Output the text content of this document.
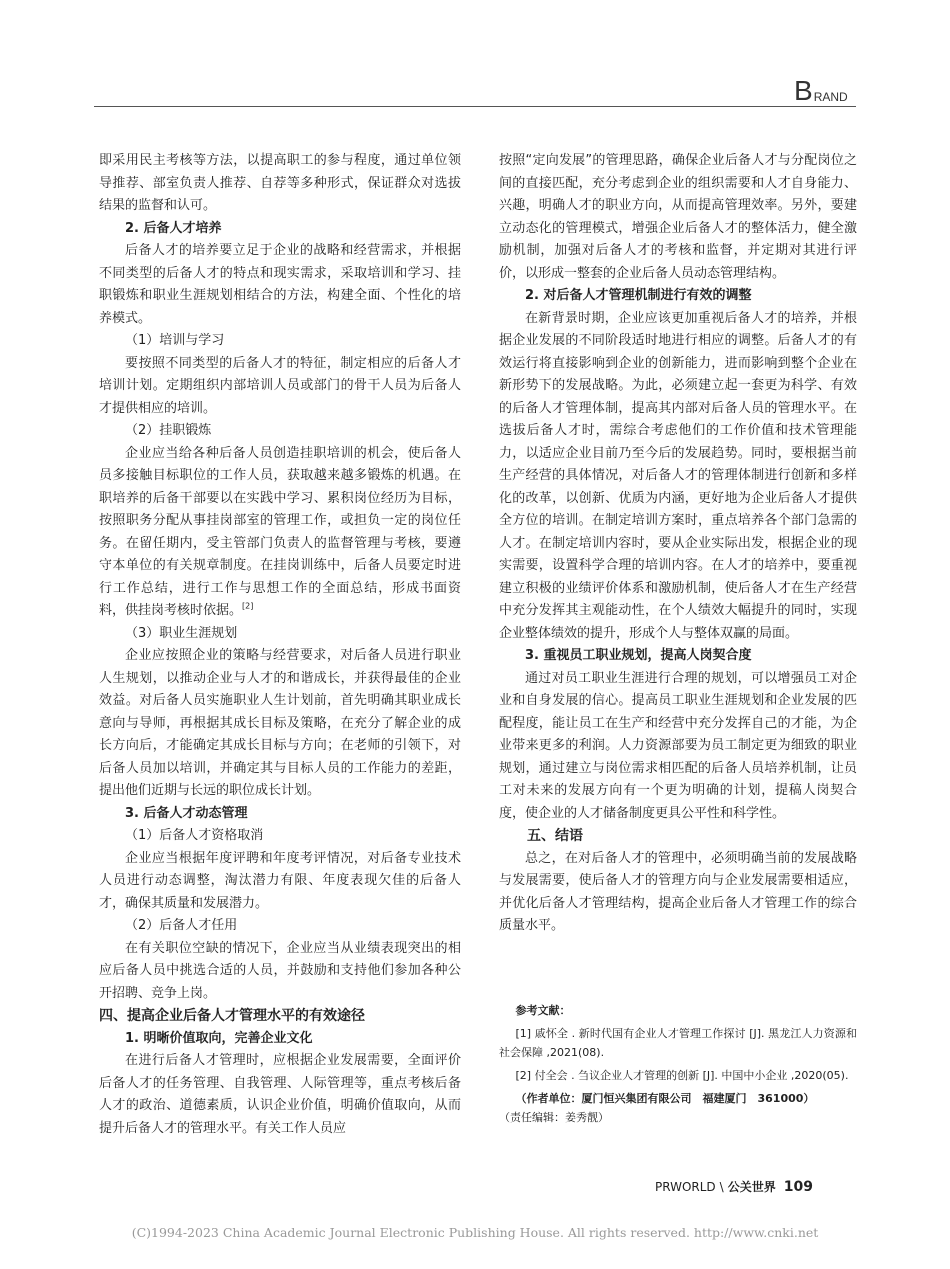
B RAND

即采用民主考核等方法，以提高职工的参与程度，通过单位领导推荐、部室负责人推荐、自荐等多种形式，保证群众对选拔结果的监督和认可。

2. 后备人才培养

后备人才的培养要立足于企业的战略和经营需求，并根据不同类型的后备人才的特点和现实需求，采取培训和学习、挂职锻炼和职业生涯规划相结合的方法，构建全面、个性化的培养模式。

（1）培训与学习

要按照不同类型的后备人才的特征，制定相应的后备人才培训计划。定期组织内部培训人员或部门的骨干人员为后备人才提供相应的培训。

（2）挂职锻炼

企业应当给各种后备人员创造挂职培训的机会，使后备人员多接触目标职位的工作人员，获取越来越多锻炼的机遇。在职培养的后备干部要以在实践中学习、累积岗位经历为目标，按照职务分配从事挂岗部室的管理工作，或担负一定的岗位任务。在留任期内，受主管部门负责人的监督管理与考核，要遵守本单位的有关规章制度。在挂岗训练中，后备人员要定时进行工作总结，进行工作与思想工作的全面总结，形成书面资料，供挂岗考核时依据。[2]

（3）职业生涯规划

企业应按照企业的策略与经营要求，对后备人员进行职业人生规划，以推动企业与人才的和谐成长，并获得最佳的企业效益。对后备人员实施职业人生计划前，首先明确其职业成长意向与导师，再根据其成长目标及策略，在充分了解企业的成长方向后，才能确定其成长目标与方向；在老师的引领下，对后备人员加以培训，并确定其与目标人员的工作能力的差距，提出他们近期与长远的职位成长计划。

3. 后备人才动态管理

（1）后备人才资格取消

企业应当根据年度评聘和年度考评情况，对后备专业技术人员进行动态调整，淘汰潜力有限、年度表现欠佳的后备人才，确保其质量和发展潜力。

（2）后备人才任用

在有关职位空缺的情况下，企业应当从业绩表现突出的相应后备人员中挑选合适的人员，并鼓励和支持他们参加各种公开招聘、竞争上岗。

四、提高企业后备人才管理水平的有效途径

1. 明晰价值取向，完善企业文化

在进行后备人才管理时，应根据企业发展需要，全面评价后备人才的任务管理、自我管理、人际管理等，重点考核后备人才的政治、道德素质，认识企业价值，明确价值取向，从而提升后备人才的管理水平。有关工作人员应

按照“定向发展”的管理思路，确保企业后备人才与分配岗位之间的直接匹配，充分考虑到企业的组织需要和人才自身能力、兴趣，明确人才的职业方向，从而提高管理效率。另外，要建立动态化的管理模式，增强企业后备人才的整体活力，健全激励机制，加强对后备人才的考核和监督，并定期对其进行评价，以形成一整套的企业后备人员动态管理结构。

2. 对后备人才管理机制进行有效的调整

在新背景时期，企业应该更加重视后备人才的培养，并根据企业发展的不同阶段适时地进行相应的调整。后备人才的有效运行将直接影响到企业的创新能力，进而影响到整个企业在新形势下的发展战略。为此，必须建立起一套更为科学、有效的后备人才管理体制，提高其内部对后备人员的管理水平。在选拔后备人才时，需综合考虑他们的工作价值和技术管理能力，以适应企业目前乃至今后的发展趋势。同时，要根据当前生产经营的具体情况，对后备人才的管理体制进行创新和多样化的改革，以创新、优质为内涵，更好地为企业后备人才提供全方位的培训。在制定培训方案时，重点培养各个部门急需的人才。在制定培训内容时，要从企业实际出发，根据企业的现实需要，设置科学合理的培训内容。在人才的培养中，要重视建立积极的业绩评价体系和激励机制，使后备人才在生产经营中充分发挥其主观能动性，在个人绩效大幅提升的同时，实现企业整体绩效的提升，形成个人与整体双赢的局面。

3. 重视员工职业规划，提高人岗契合度

通过对员工职业生涯进行合理的规划，可以增强员工对企业和自身发展的信心。提高员工职业生涯规划和企业发展的匹配程度，能让员工在生产和经营中充分发挥自己的才能，为企业带来更多的利润。人力资源部要为员工制定更为细致的职业规划，通过建立与岗位需求相匹配的后备人员培养机制，让员工对未来的发展方向有一个更为明确的计划，提稿人岗契合度，使企业的人才储备制度更具公平性和科学性。

五、结语

总之，在对后备人才的管理中，必须明确当前的发展战略与发展需要，使后备人才的管理方向与企业发展需要相适应，并优化后备人才管理结构，提高企业后备人才管理工作的综合质量水平。

参考文献：

[1] 戚怀全 . 新时代国有企业人才管理工作探讨 [J]. 黑龙江人力资源和社会保障 ,2021(08).

[2] 付全会 . 刍议企业人才管理的创新 [J]. 中国中小企业 ,2020(05).

（作者单位：厦门恒兴集团有限公司　福建厦门　361000）

（责任编辑：姜秀靓）

PRWORLD \ 公关世界 109
(C)1994-2023 China Academic Journal Electronic Publishing House. All rights reserved. http://www.cnki.net
